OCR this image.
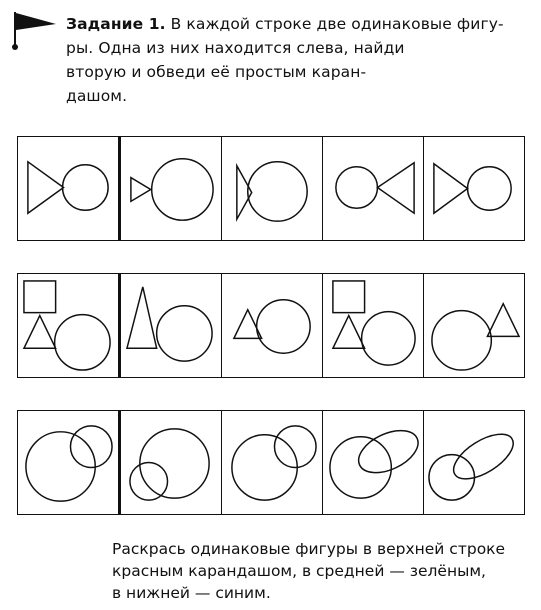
Задание 1. В каждой строке две одинаковые фигу-
ры. Одна из них находится слева, найди
вторую и обведи её простым каран-
дашом.
Раскрась одинаковые фигуры в верхней строке
красным карандашом, в средней — зелёным,
в нижней — синим.
